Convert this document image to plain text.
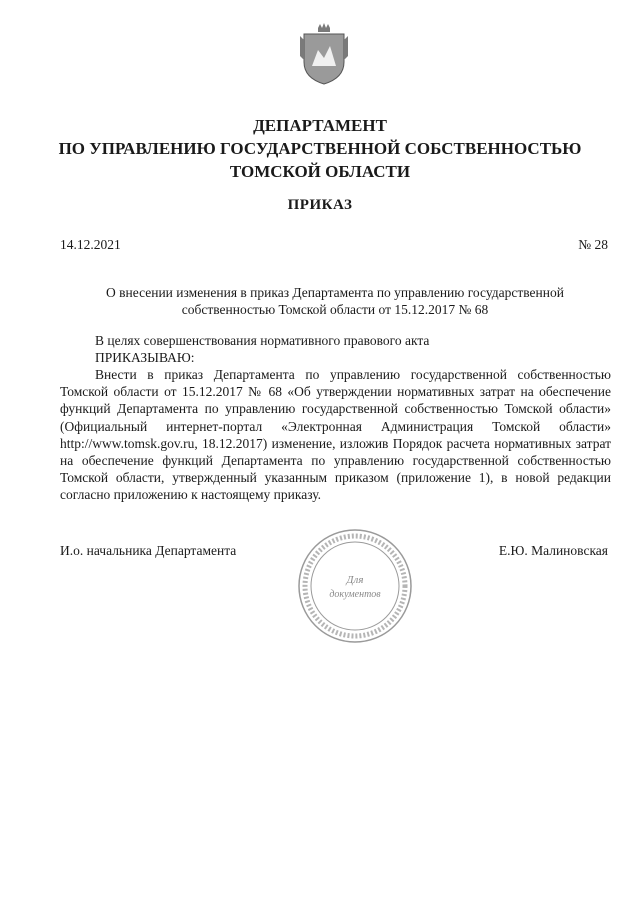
ДЕПАРТАМЕНТ
ПО УПРАВЛЕНИЮ ГОСУДАРСТВЕННОЙ СОБСТВЕННОСТЬЮ
ТОМСКОЙ ОБЛАСТИ
ПРИКАЗ
14.12.2021	№ 28
О внесении изменения в приказ Департамента по управлению государственной собственностью Томской области от 15.12.2017 № 68
В целях совершенствования нормативного правового акта
ПРИКАЗЫВАЮ:

Внести в приказ Департамента по управлению государственной собственностью Томской области от 15.12.2017 № 68 «Об утверждении нормативных затрат на обеспечение функций Департамента по управлению государственной собственностью Томской области» (Официальный интернет-портал «Электронная Администрация Томской области» http://www.tomsk.gov.ru, 18.12.2017) изменение, изложив Порядок расчета нормативных затрат на обеспечение функций Департамента по управлению государственной собственностью Томской области, утвержденный указанным приказом (приложение 1), в новой редакции согласно приложению к настоящему приказу.

И.о. начальника Департамента
Для
документов
Е.Ю. Малиновская
